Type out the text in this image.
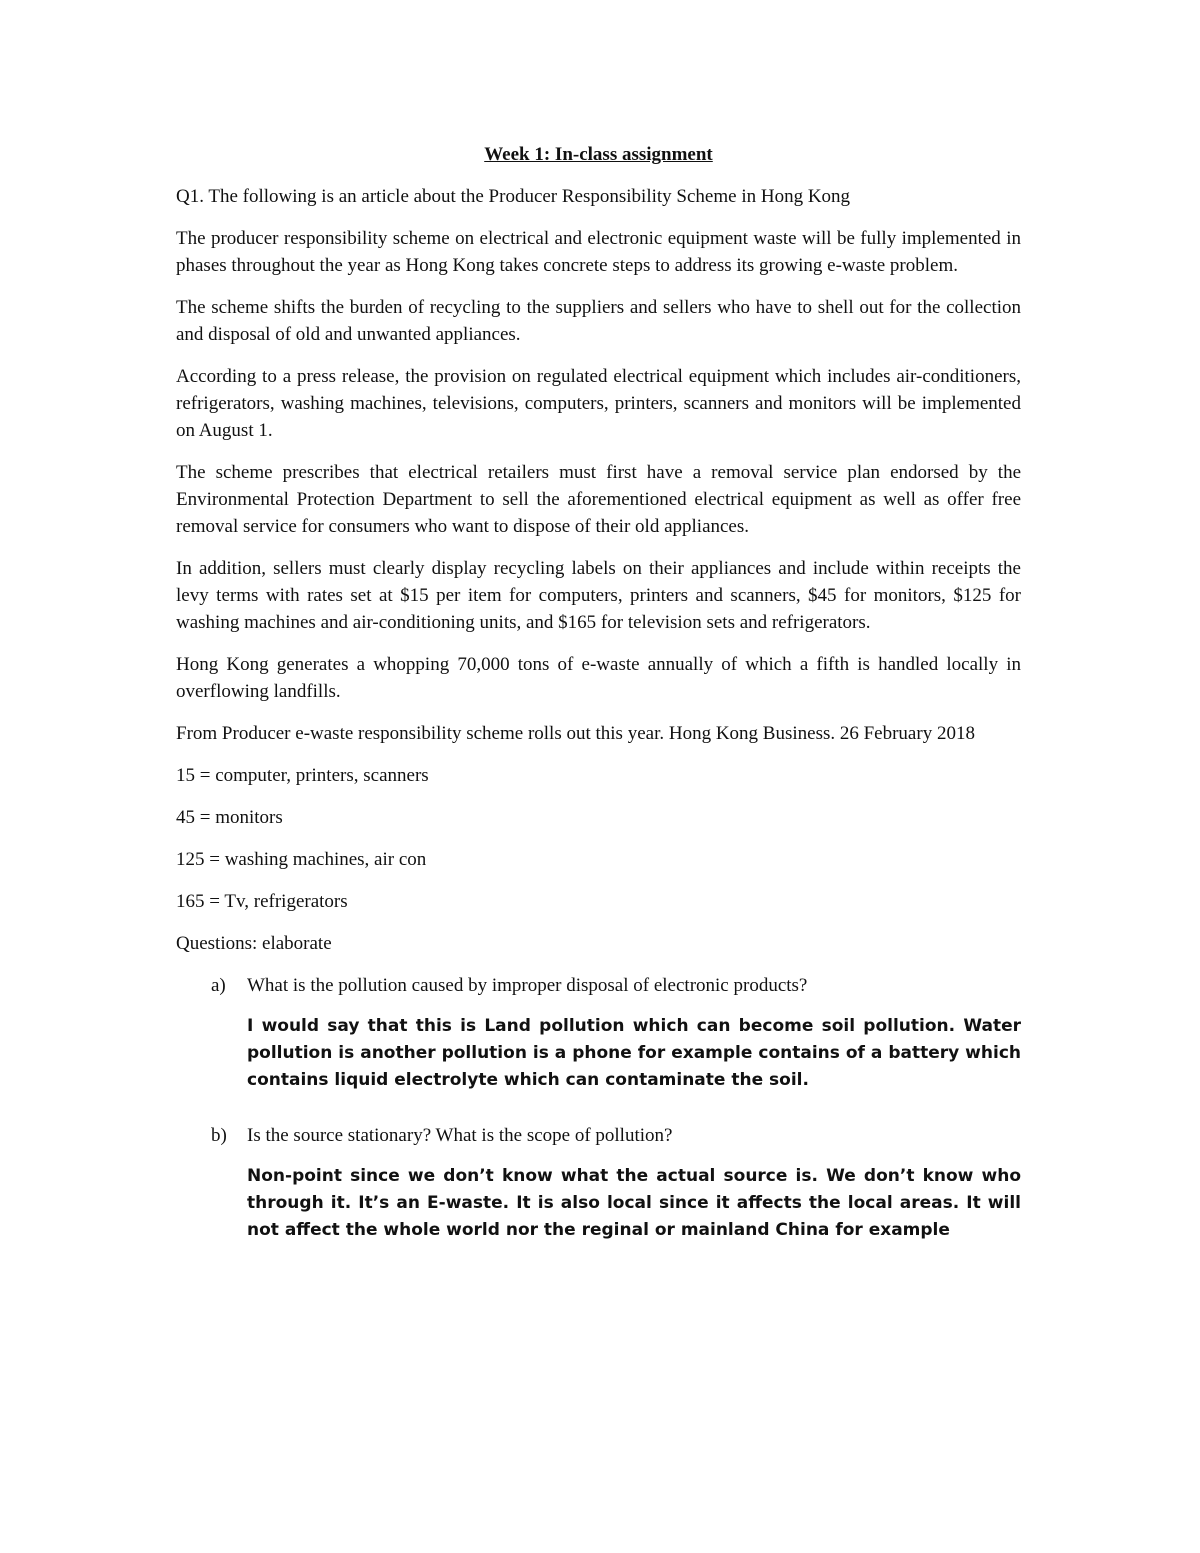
Week 1: In-class assignment

Q1. The following is an article about the Producer Responsibility Scheme in Hong Kong

The producer responsibility scheme on electrical and electronic equipment waste will be fully implemented in phases throughout the year as Hong Kong takes concrete steps to address its growing e-waste problem.

The scheme shifts the burden of recycling to the suppliers and sellers who have to shell out for the collection and disposal of old and unwanted appliances.

According to a press release, the provision on regulated electrical equipment which includes air-conditioners, refrigerators, washing machines, televisions, computers, printers, scanners and monitors will be implemented on August 1.

The scheme prescribes that electrical retailers must first have a removal service plan endorsed by the Environmental Protection Department to sell the aforementioned electrical equipment as well as offer free removal service for consumers who want to dispose of their old appliances.

In addition, sellers must clearly display recycling labels on their appliances and include within receipts the levy terms with rates set at $15 per item for computers, printers and scanners, $45 for monitors, $125 for washing machines and air-conditioning units, and $165 for television sets and refrigerators.

Hong Kong generates a whopping 70,000 tons of e-waste annually of which a fifth is handled locally in overflowing landfills.

From Producer e-waste responsibility scheme rolls out this year. Hong Kong Business. 26 February 2018

15 = computer, printers, scanners

45 = monitors

125 = washing machines, air con

165 = Tv, refrigerators

Questions: elaborate

a) What is the pollution caused by improper disposal of electronic products?

I would say that this is Land pollution which can become soil pollution. Water pollution is another pollution is a phone for example contains of a battery which contains liquid electrolyte which can contaminate the soil.

b) Is the source stationary? What is the scope of pollution?

Non-point since we don’t know what the actual source is. We don’t know who through it. It’s an E-waste. It is also local since it affects the local areas. It will not affect the whole world nor the reginal or mainland China for example
